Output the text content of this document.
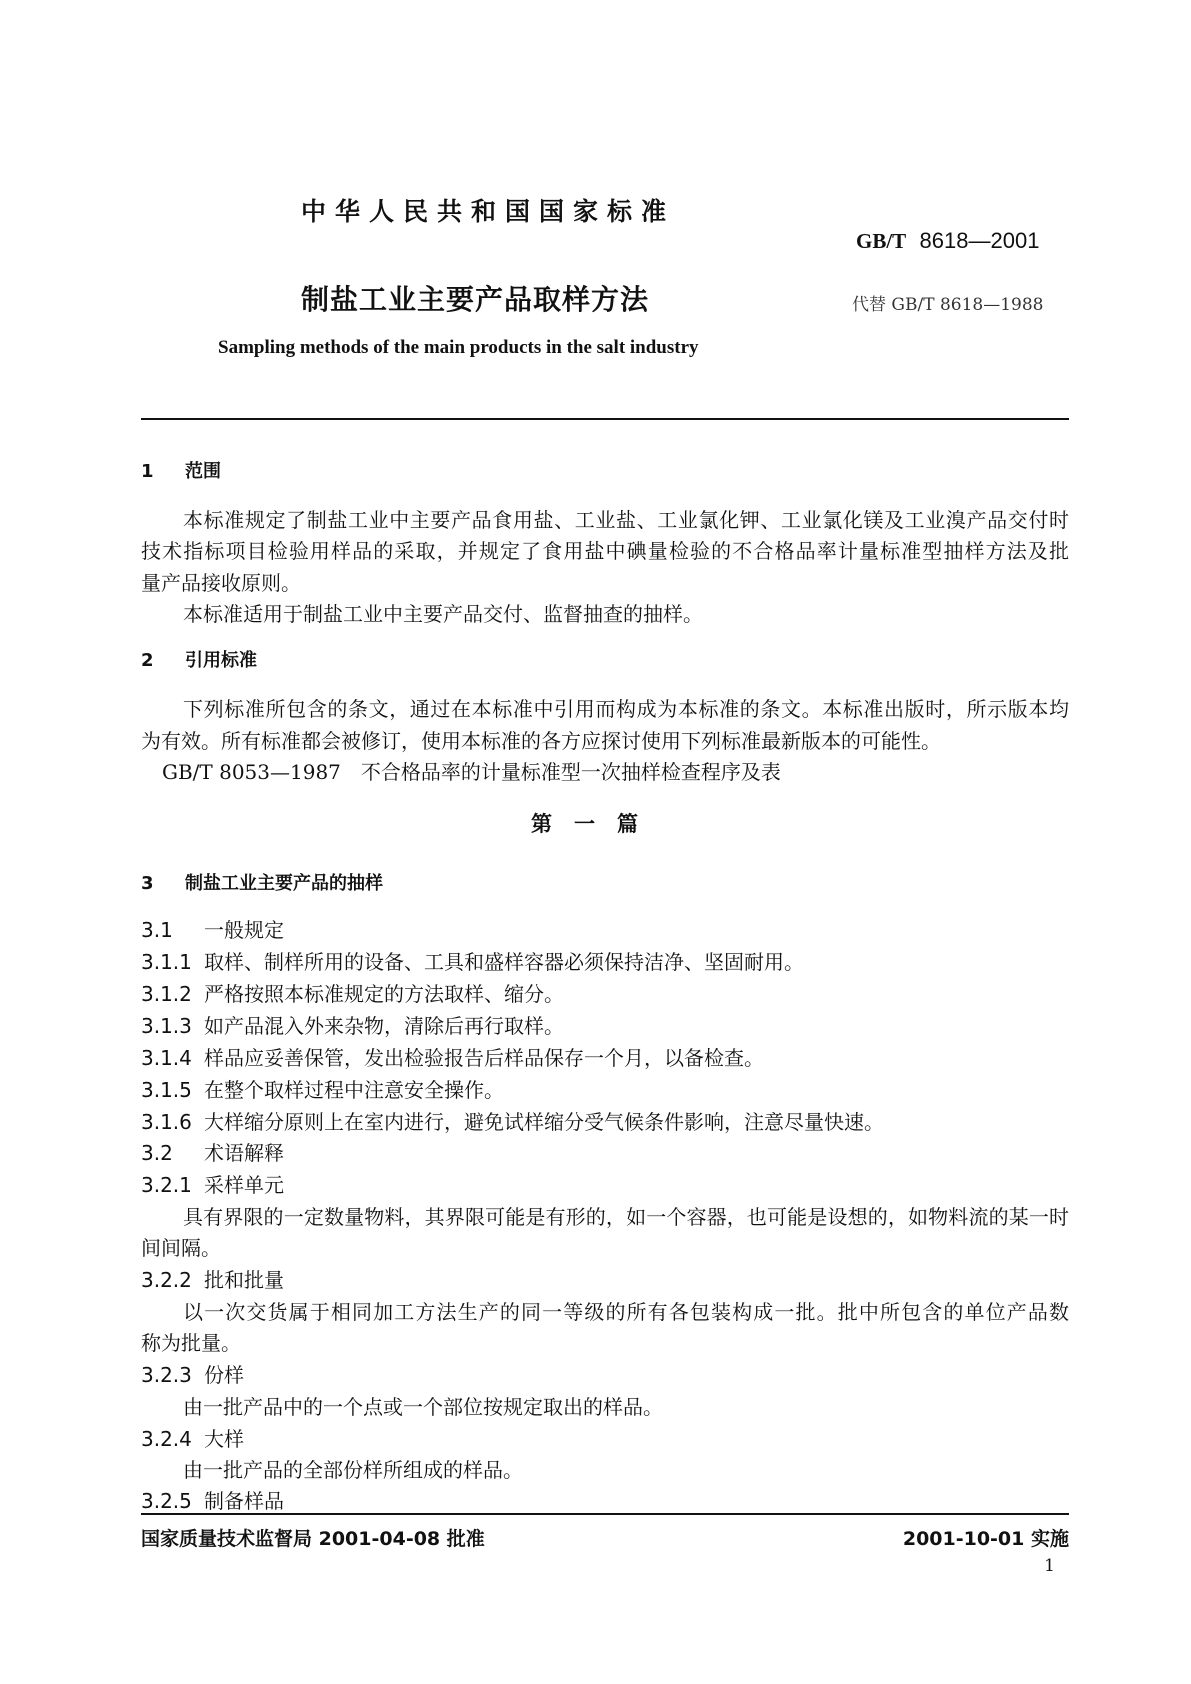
中华人民共和国国家标准
GB/T 8618—2001
制盐工业主要产品取样方法	代替 GB/T 8618—1988
Sampling methods of the main products in the salt industry
1 范围
本标准规定了制盐工业中主要产品食用盐、工业盐、工业氯化钾、工业氯化镁及工业溴产品交付时
技术指标项目检验用样品的采取，并规定了食用盐中碘量检验的不合格品率计量标准型抽样方法及批
量产品接收原则。
本标准适用于制盐工业中主要产品交付、监督抽查的抽样。
2 引用标准
下列标准所包含的条文，通过在本标准中引用而构成为本标准的条文。本标准出版时，所示版本均
为有效。所有标准都会被修订，使用本标准的各方应探讨使用下列标准最新版本的可能性。
GB/T 8053—1987　不合格品率的计量标准型一次抽样检查程序及表
第一篇
3 制盐工业主要产品的抽样
3.1 一般规定
3.1.1 取样、制样所用的设备、工具和盛样容器必须保持洁净、坚固耐用。
3.1.2 严格按照本标准规定的方法取样、缩分。
3.1.3 如产品混入外来杂物，清除后再行取样。
3.1.4 样品应妥善保管，发出检验报告后样品保存一个月，以备检查。
3.1.5 在整个取样过程中注意安全操作。
3.1.6 大样缩分原则上在室内进行，避免试样缩分受气候条件影响，注意尽量快速。
3.2 术语解释
3.2.1 采样单元
具有界限的一定数量物料，其界限可能是有形的，如一个容器，也可能是设想的，如物料流的某一时
间间隔。
3.2.2 批和批量
以一次交货属于相同加工方法生产的同一等级的所有各包装构成一批。批中所包含的单位产品数
称为批量。
3.2.3 份样
由一批产品中的一个点或一个部位按规定取出的样品。
3.2.4 大样
由一批产品的全部份样所组成的样品。
3.2.5 制备样品
国家质量技术监督局 2001-04-08 批准	2001-10-01 实施
1
